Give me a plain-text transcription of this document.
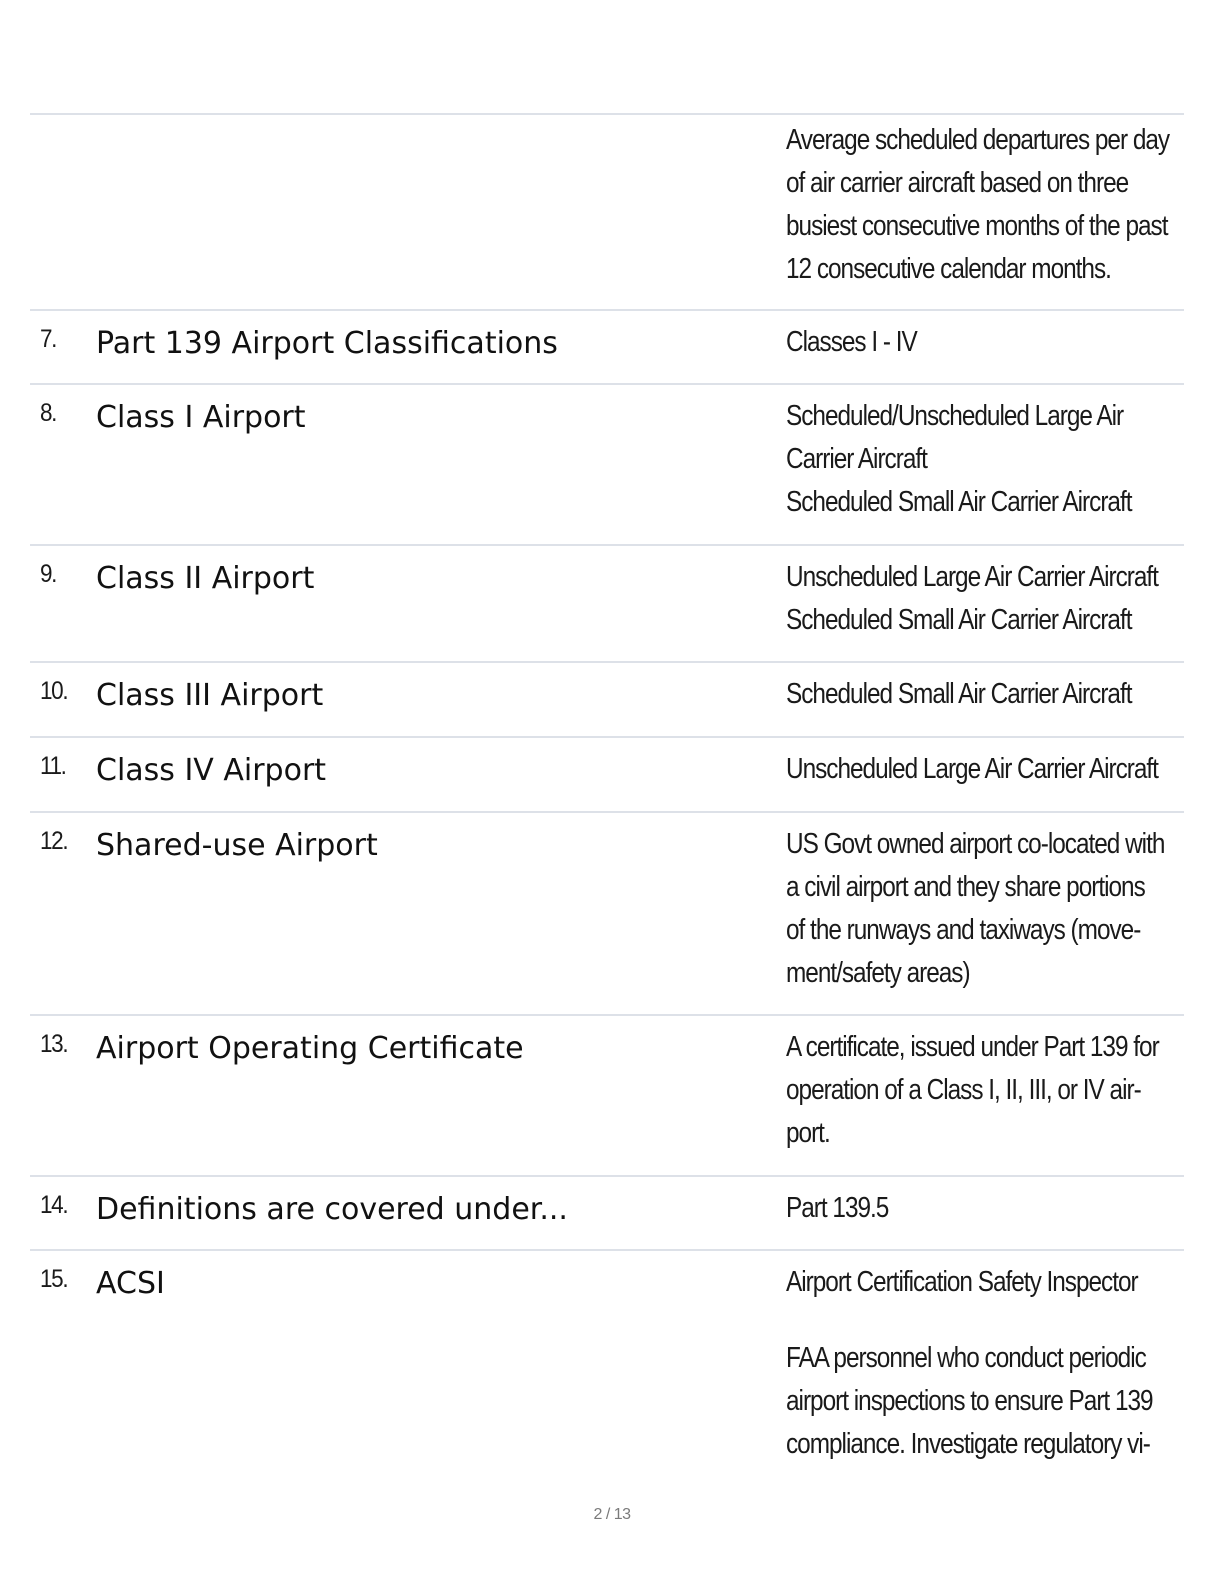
Average scheduled departures per day
of air carrier aircraft based on three
busiest consecutive months of the past
12 consecutive calendar months.
7. Part 139 Airport Classifications	Classes I - IV
8. Class I Airport	Scheduled/Unscheduled Large Air
Carrier Aircraft
Scheduled Small Air Carrier Aircraft
9. Class II Airport	Unscheduled Large Air Carrier Aircraft
Scheduled Small Air Carrier Aircraft
10. Class III Airport	Scheduled Small Air Carrier Aircraft
11. Class IV Airport	Unscheduled Large Air Carrier Aircraft
12. Shared-use Airport	US Govt owned airport co-located with
a civil airport and they share portions
of the runways and taxiways (move-
ment/safety areas)
13. Airport Operating Certificate	A certificate, issued under Part 139 for
operation of a Class I, II, III, or IV air-
port.
14. Definitions are covered under...	Part 139.5
15. ACSI	Airport Certification Safety Inspector
FAA personnel who conduct periodic
airport inspections to ensure Part 139
compliance. Investigate regulatory vi-
2 / 13
